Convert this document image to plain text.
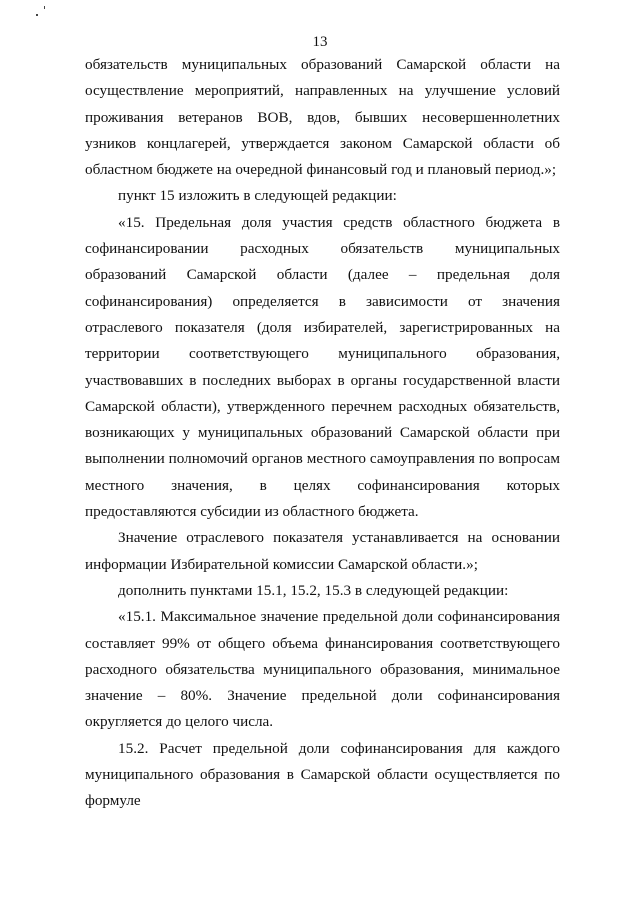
13

обязательств муниципальных образований Самарской области на осуществление мероприятий, направленных на улучшение условий проживания ветеранов ВОВ, вдов, бывших несовершеннолетних узников концлагерей, утверждается законом Самарской области об областном бюджете на очередной финансовый год и плановый период.»;

пункт 15 изложить в следующей редакции:

«15. Предельная доля участия средств областного бюджета в софинансировании расходных обязательств муниципальных образований Самарской области (далее – предельная доля софинансирования) определяется в зависимости от значения отраслевого показателя (доля избирателей, зарегистрированных на территории соответствующего муниципального образования, участвовавших в последних выборах в органы государственной власти Самарской области), утвержденного перечнем расходных обязательств, возникающих у муниципальных образований Самарской области при выполнении полномочий органов местного самоуправления по вопросам местного значения, в целях софинансирования которых предоставляются субсидии из областного бюджета.

Значение отраслевого показателя устанавливается на основании информации Избирательной комиссии Самарской области.»;

дополнить пунктами 15.1, 15.2, 15.3 в следующей редакции:

«15.1. Максимальное значение предельной доли софинансирования составляет 99% от общего объема финансирования соответствующего расходного обязательства муниципального образования, минимальное значение – 80%. Значение предельной доли софинансирования округляется до целого числа.

15.2. Расчет предельной доли софинансирования для каждого муниципального образования в Самарской области осуществляется по формуле
